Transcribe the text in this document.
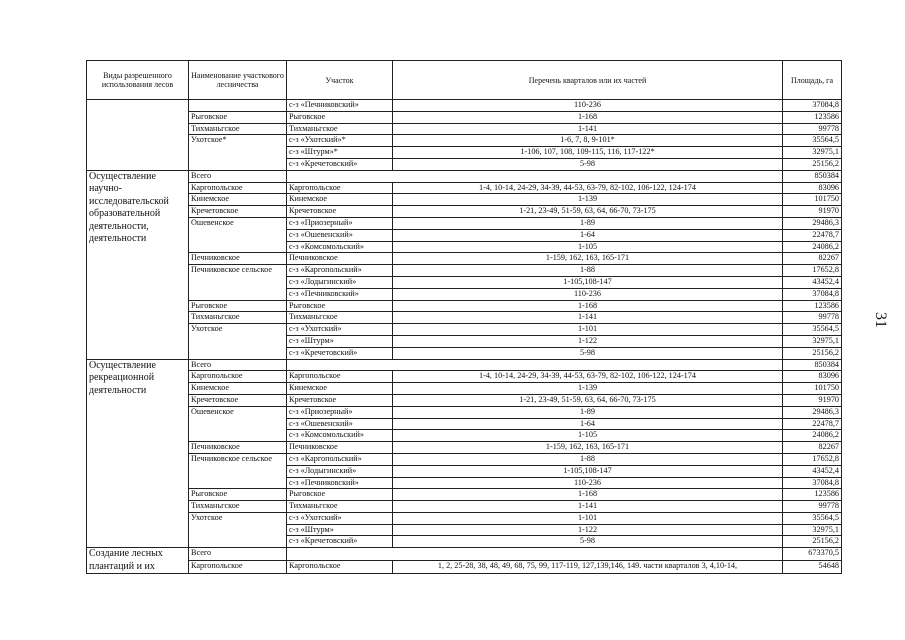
31
Виды разрешенного использования лесов	Наименование участкового лесничества	Участок	Перечень кварталов или их частей	Площадь, га
		с-з «Печниковский»	110-236	37084,8
	Рыговское	Рыговское	1-168	123586
	Тихманьгское	Тихманьгское	1-141	99778
	Ухотское*	с-з «Ухотский»*	1-6, 7, 8, 9-101*	35564,5
		с-з «Штурм»*	1-106, 107, 108, 109-115, 116, 117-122*	32975,1
		с-з «Кречетовский»	5-98	25156,2
Осуществление научно-исследовательской образовательной деятельности, деятельности	Всего			850384
	Каргопольское	Каргопольское	1-4, 10-14, 24-29, 34-39, 44-53, 63-79, 82-102, 106-122, 124-174	83096
	Кинемское	Кинемское	1-139	101750
	Кречетовское	Кречетовское	1-21, 23-49, 51-59, 63, 64, 66-70, 73-175	91970
	Ошевенское	с-з «Приозерный»	1-89	29486,3
		с-з «Ошевенский»	1-64	22478,7
		с-з «Комсомольский»	1-105	24086,2
	Печниковское	Печниковское	1-159, 162, 163, 165-171	82267
	Печниковское сельское	с-з «Каргопольский»	1-88	17652,8
		с-з «Лодыгинский»	1-105,108-147	43452,4
		с-з «Печниковский»	110-236	37084,8
	Рыговское	Рыговское	1-168	123586
	Тихманьгское	Тихманьгское	1-141	99778
	Ухотское	с-з «Ухотский»	1-101	35564,5
		с-з «Штурм»	1-122	32975,1
		с-з «Кречетовский»	5-98	25156,2
Осуществление рекреационной деятельности	Всего			850384
	Каргопольское	Каргопольское	1-4, 10-14, 24-29, 34-39, 44-53, 63-79, 82-102, 106-122, 124-174	83096
	Кинемское	Кинемское	1-139	101750
	Кречетовское	Кречетовское	1-21, 23-49, 51-59, 63, 64, 66-70, 73-175	91970
	Ошевенское	с-з «Приозерный»	1-89	29486,3
		с-з «Ошевенский»	1-64	22478,7
		с-з «Комсомольский»	1-105	24086,2
	Печниковское	Печниковское	1-159, 162, 163, 165-171	82267
	Печниковское сельское	с-з «Каргопольский»	1-88	17652,8
		с-з «Лодыгинский»	1-105,108-147	43452,4
		с-з «Печниковский»	110-236	37084,8
	Рыговское	Рыговское	1-168	123586
	Тихманьгское	Тихманьгское	1-141	99778
	Ухотское	с-з «Ухотский»	1-101	35564,5
		с-з «Штурм»	1-122	32975,1
		с-з «Кречетовский»	5-98	25156,2
Создание лесных плантаций и их	Всего			673370,5
	Каргопольское	Каргопольское	1, 2, 25-28, 38, 48, 49, 68, 75, 99, 117-119, 127,139,146, 149. части кварталов 3, 4,10-14,	54648
